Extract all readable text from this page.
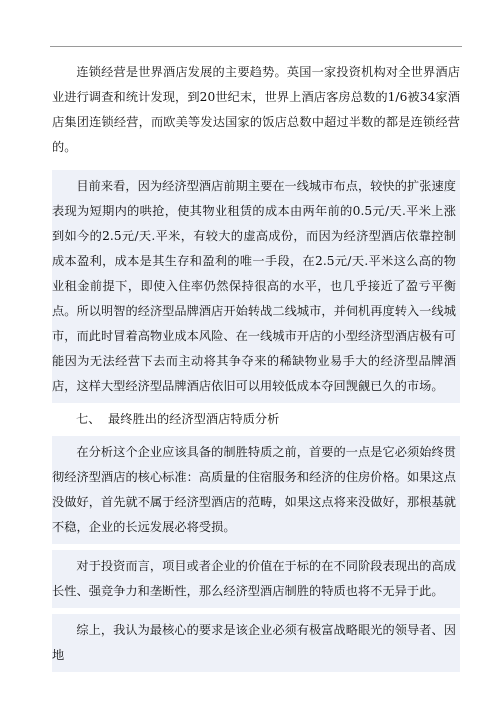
连锁经营是世界酒店发展的主要趋势。英国一家投资机构对全世界酒店业进行调查和统计发现，到20世纪末，世界上酒店客房总数的1/6被34家酒店集团连锁经营，而欧美等发达国家的饭店总数中超过半数的都是连锁经营的。

目前来看，因为经济型酒店前期主要在一线城市布点，较快的扩张速度表现为短期内的哄抢，使其物业租赁的成本由两年前的0.5元/天.平米上涨到如今的2.5元/天.平米，有较大的虚高成份，而因为经济型酒店依靠控制成本盈利，成本是其生存和盈利的唯一手段，在2.5元/天.平米这么高的物业租金前提下，即使入住率仍然保持很高的水平，也几乎接近了盈亏平衡点。所以明智的经济型品牌酒店开始转战二线城市，并伺机再度转入一线城市，而此时冒着高物业成本风险、在一线城市开店的小型经济型酒店极有可能因为无法经营下去而主动将其争夺来的稀缺物业易手大的经济型品牌酒店，这样大型经济型品牌酒店依旧可以用较低成本夺回觊觎已久的市场。

七、 最终胜出的经济型酒店特质分析

在分析这个企业应该具备的制胜特质之前，首要的一点是它必须始终贯彻经济型酒店的核心标准：高质量的住宿服务和经济的住房价格。如果这点没做好，首先就不属于经济型酒店的范畴，如果这点将来没做好，那根基就不稳，企业的长远发展必将受损。

对于投资而言，项目或者企业的价值在于标的在不同阶段表现出的高成长性、强竞争力和垄断性，那么经济型酒店制胜的特质也将不无异于此。

综上，我认为最核心的要求是该企业必须有极富战略眼光的领导者、因地
